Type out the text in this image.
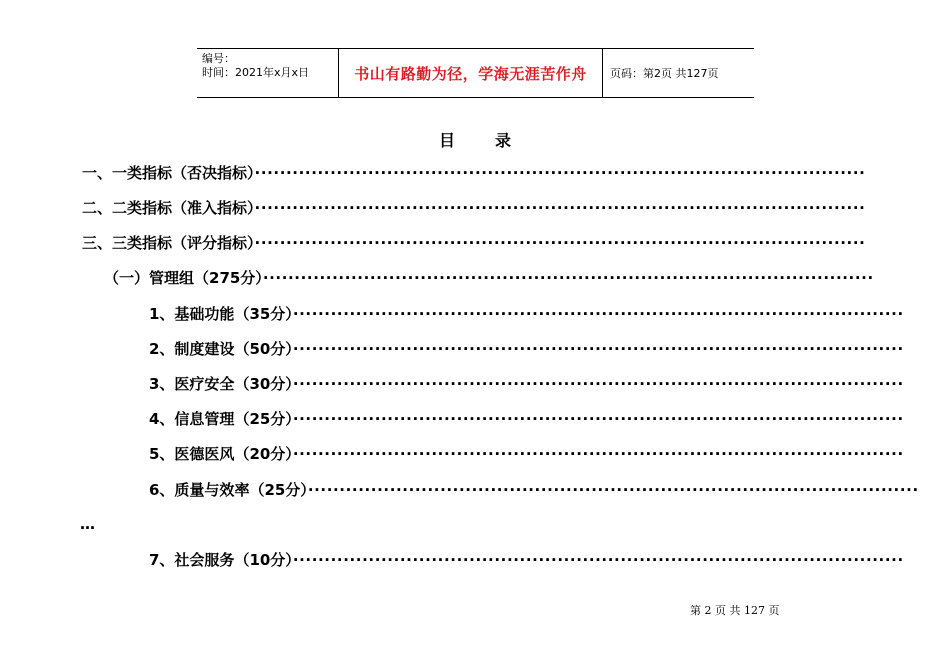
编号：
时间：2021年x月x日	书山有路勤为径，学海无涯苦作舟	页码：第2页 共127页
目录
一、一类指标（否决指标）·································································································
二、二类指标（准入指标）·································································································
三、三类指标（评分指标）·································································································
（一）管理组（275分）·································································································
1、基础功能（35分）·································································································
2、制度建设（50分）·································································································
3、医疗安全（30分）·································································································
4、信息管理（25分）·································································································
5、医德医风（20分）·································································································
6、质量与效率（25分）·································································································
…
7、社会服务（10分）·································································································
第 2 页 共 127 页
